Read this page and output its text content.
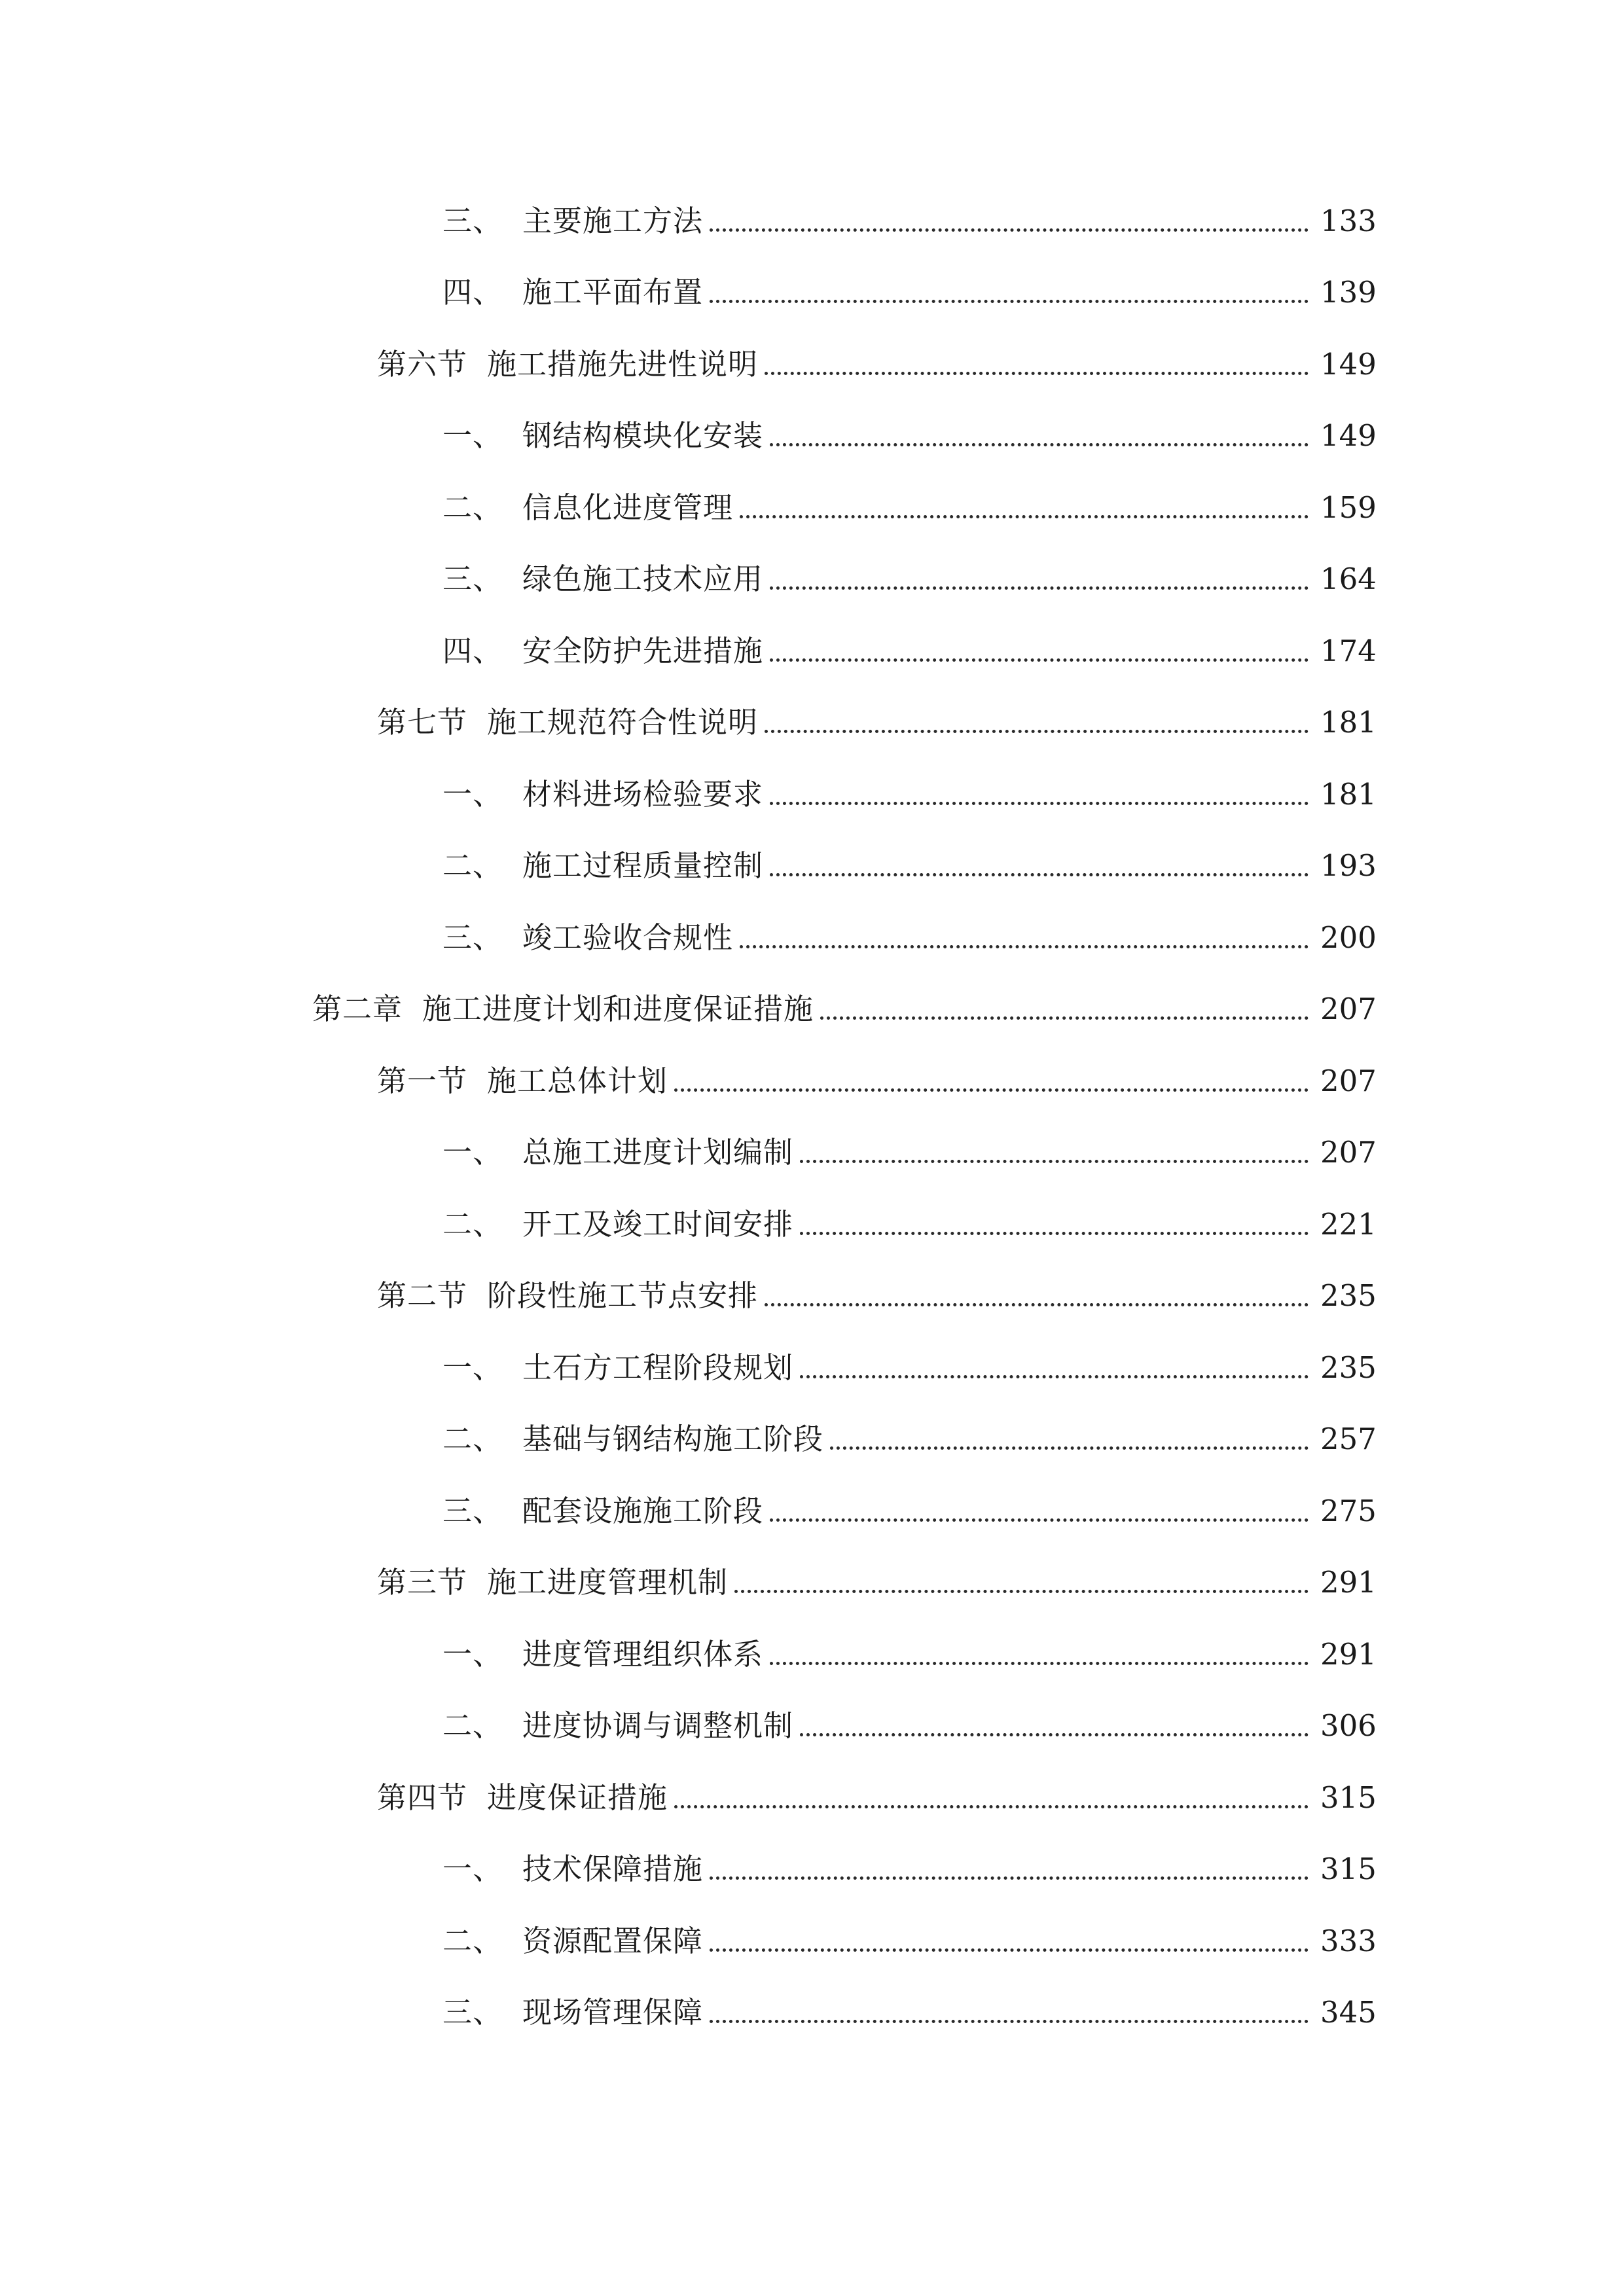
三、 主要施工方法	133
四、 施工平面布置	139
第六节 施工措施先进性说明	149
一、 钢结构模块化安装	149
二、 信息化进度管理	159
三、 绿色施工技术应用	164
四、 安全防护先进措施	174
第七节 施工规范符合性说明	181
一、 材料进场检验要求	181
二、 施工过程质量控制	193
三、 竣工验收合规性	200
第二章 施工进度计划和进度保证措施	207
第一节 施工总体计划	207
一、 总施工进度计划编制	207
二、 开工及竣工时间安排	221
第二节 阶段性施工节点安排	235
一、 土石方工程阶段规划	235
二、 基础与钢结构施工阶段	257
三、 配套设施施工阶段	275
第三节 施工进度管理机制	291
一、 进度管理组织体系	291
二、 进度协调与调整机制	306
第四节 进度保证措施	315
一、 技术保障措施	315
二、 资源配置保障	333
三、 现场管理保障	345
